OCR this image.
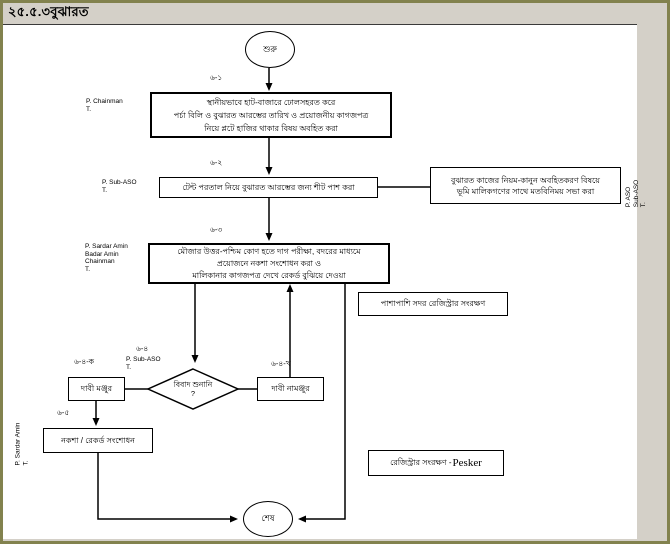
২৫.৫.৩বুঝারত
শুরু
শেষ
৬-১
স্থানীয়ভাবে হাট-বাজারে ঢোলসহরত করে
পর্চা বিলি ও বুঝারত আরম্ভের তারিখ ও প্রয়োজনীয় কাগজপত্র
নিয়ে প্লটে হাজির থাকার বিষয় অবহিত করা
P. Chainman
T.
৬-২
টেন্ট পরতাল নিয়ে বুঝারত আরম্ভের জন্য শীট পাশ করা
P. Sub-ASO
T.
বুঝারত কাজের নিয়ম-কানুন অবহিতকরণ বিষয়ে
ভূমি মালিকগণের সাথে মতবিনিময় সভা করা	P. ASO Sub-ASO T.
৬-৩
মৌজার উত্তর-পশ্চিম কোণ হতে দাগ পরীক্ষা, বদরের মাধ্যমে
প্রয়োজনে নকশা সংশোধন করা ও
মালিকানার কাগজপত্র দেখে রেকর্ড বুঝিয়ে দেওয়া
P. Sardar Amin
Badar Amin
Chainman
T.
পাশাপাশি সদর রেজিস্ট্রার সংরক্ষণ
৬-৪
P. Sub-ASO
T.
বিবাদ শুনানি
?
৬-৪-ক
দাবী মঞ্জুর
৬-৪-খ
দাবী নামঞ্জুর
৬-৫
নকশা / রেকর্ড সংশোধন
P. Sardar Amin T.	রেজিস্ট্রার সংরক্ষণ - Pesker
